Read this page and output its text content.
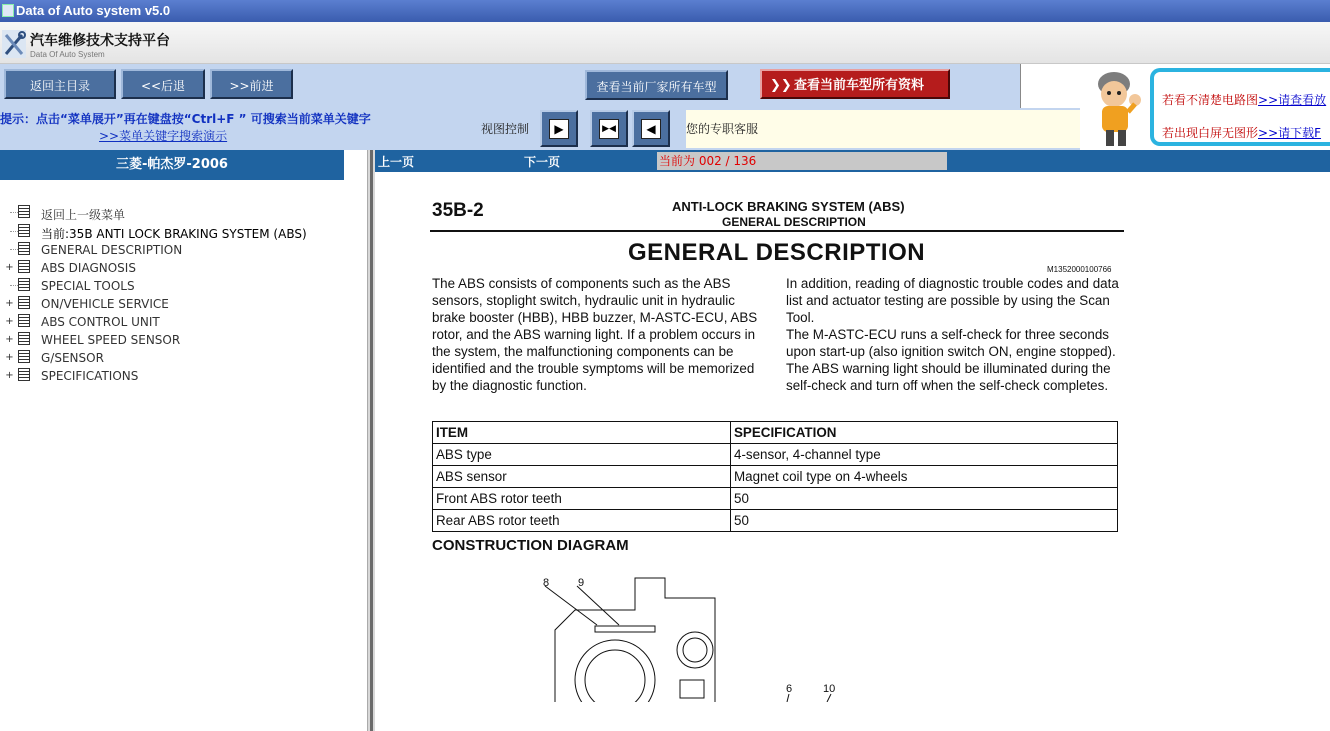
Data of Auto system v5.0
汽车维修技术支持平台
Data Of Auto System
返回主目录	<<后退	>>前进	查看当前厂家所有车型	❯❯ 查看当前车型所有资料
若看不清楚电路图>>请查看放
若出现白屏无图形>>请下载F
提示：点击“菜单展开”再在键盘按“Ctrl+F ” 可搜索当前菜单关键字
>>菜单关键字搜索演示	视图控制	▶	▶◀	◀	您的专职客服
三菱-帕杰罗-2006
返回上一级菜单
当前:35B ANTI LOCK BRAKING SYSTEM (ABS)
GENERAL DESCRIPTION
+ ABS DIAGNOSIS
SPECIAL TOOLS
+ ON/VEHICLE SERVICE
+ ABS CONTROL UNIT
+ WHEEL SPEED SENSOR
+ G/SENSOR
+ SPECIFICATIONS
上一页	下一页	当前为 002 / 136
35B-2	ANTI-LOCK BRAKING SYSTEM (ABS)
GENERAL DESCRIPTION
GENERAL DESCRIPTION
M1352000100766
The ABS consists of components such as the ABS sensors, stoplight switch, hydraulic unit in hydraulic brake booster (HBB), HBB buzzer, M-ASTC-ECU, ABS rotor, and the ABS warning light. If a problem occurs in the system, the malfunctioning components can be identified and the trouble symptoms will be memorized by the diagnostic function.
In addition, reading of diagnostic trouble codes and data list and actuator testing are possible by using the Scan Tool.
The M-ASTC-ECU runs a self-check for three seconds upon start-up (also ignition switch ON, engine stopped). The ABS warning light should be illuminated during the self-check and turn off when the self-check completes.
ITEM	SPECIFICATION
ABS type	4-sensor, 4-channel type
ABS sensor	Magnet coil type on 4-wheels
Front ABS rotor teeth	50
Rear ABS rotor teeth	50
CONSTRUCTION DIAGRAM
8	9
6	10
